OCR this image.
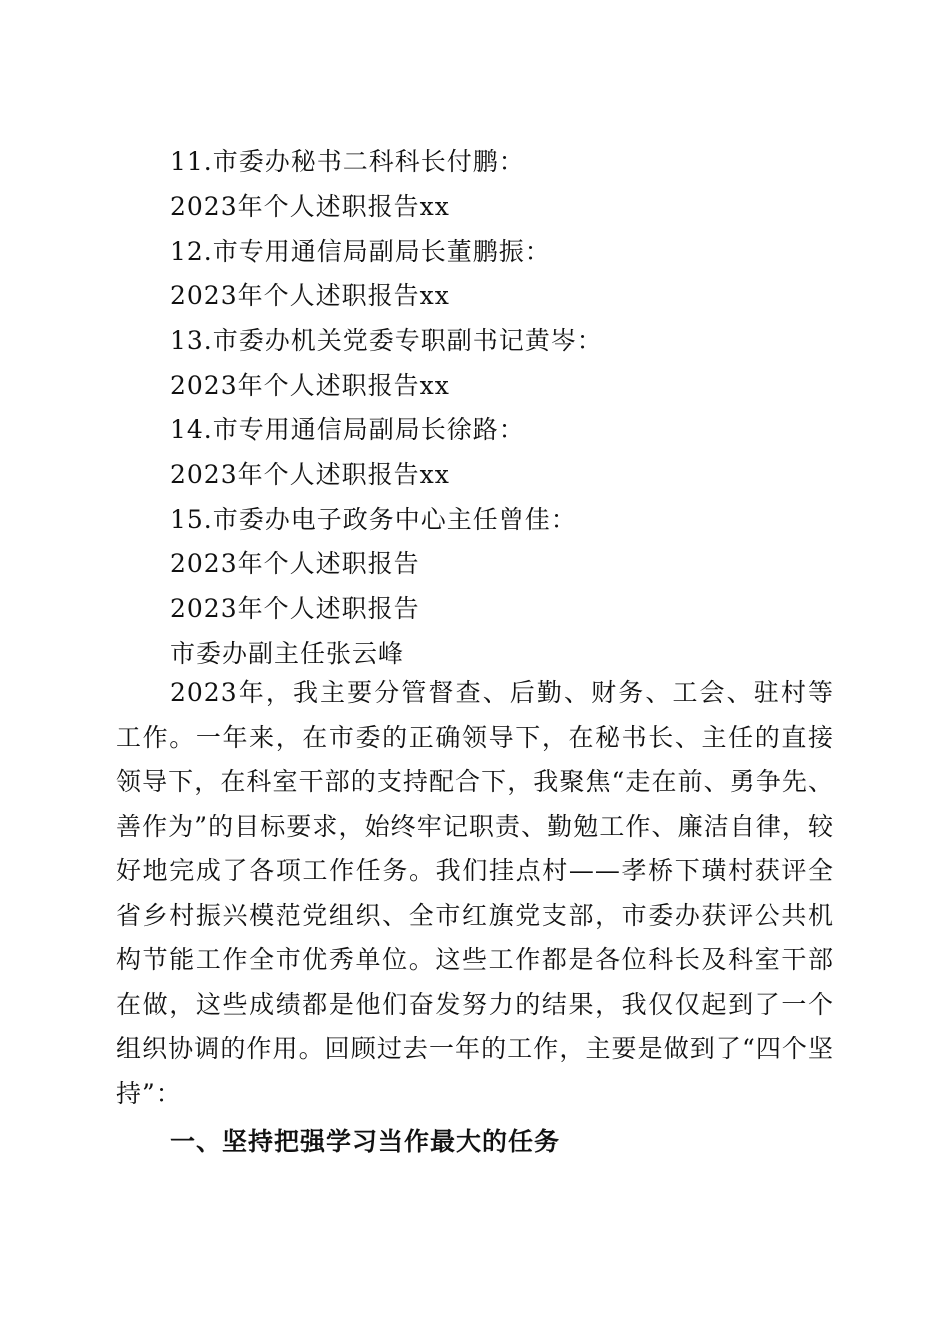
11.市委办秘书二科科长付鹏：
2023年个人述职报告xx
12.市专用通信局副局长董鹏振：
2023年个人述职报告xx
13.市委办机关党委专职副书记黄岑：
2023年个人述职报告xx
14.市专用通信局副局长徐路：
2023年个人述职报告xx
15.市委办电子政务中心主任曾佳：
2023年个人述职报告
2023年个人述职报告
市委办副主任张云峰

2023年，我主要分管督查、后勤、财务、工会、驻村等工作。一年来，在市委的正确领导下，在秘书长、主任的直接领导下，在科室干部的支持配合下，我聚焦“走在前、勇争先、善作为”的目标要求，始终牢记职责、勤勉工作、廉洁自律，较好地完成了各项工作任务。我们挂点村——孝桥下璜村获评全省乡村振兴模范党组织、全市红旗党支部，市委办获评公共机构节能工作全市优秀单位。这些工作都是各位科长及科室干部在做，这些成绩都是他们奋发努力的结果，我仅仅起到了一个组织协调的作用。回顾过去一年的工作，主要是做到了“四个坚持”：

一、坚持把强学习当作最大的任务
